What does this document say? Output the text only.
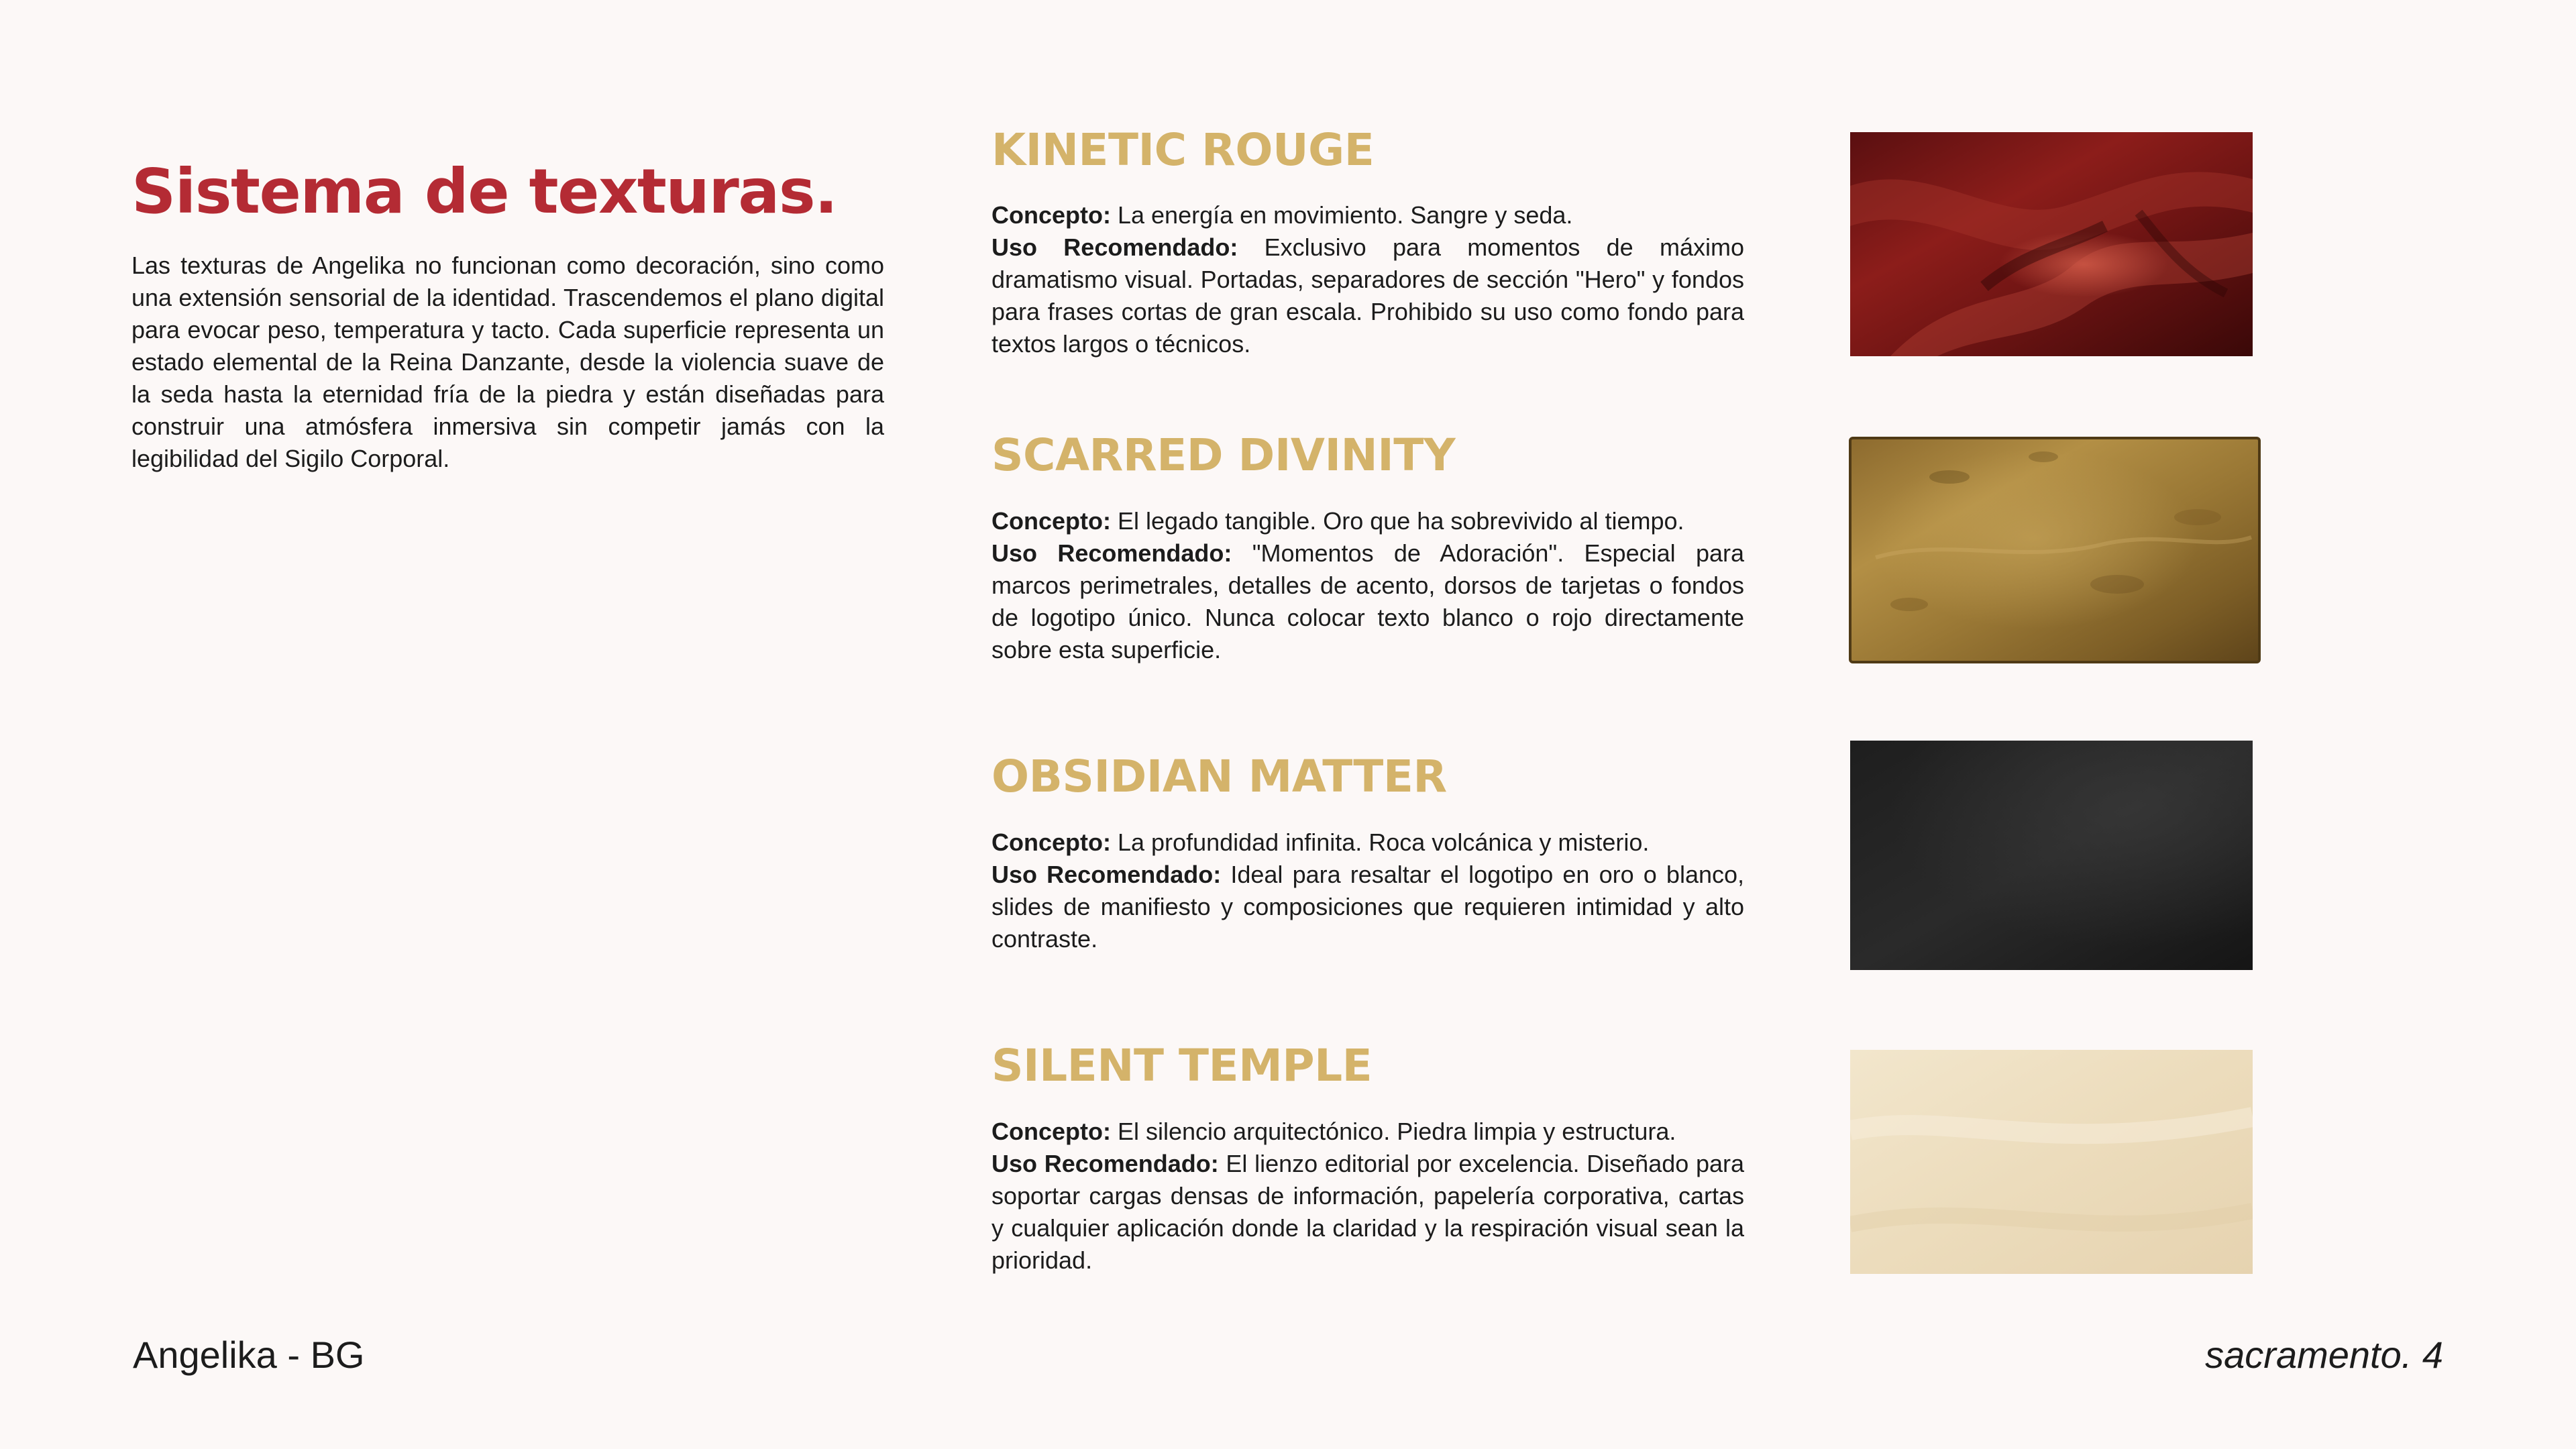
Sistema de texturas.
Las texturas de Angelika no funcionan como decoración, sino como una extensión sensorial de la identidad. Trascendemos el plano digital para evocar peso, temperatura y tacto. Cada superficie representa un estado elemental de la Reina Danzante, desde la violencia suave de la seda hasta la eternidad fría de la piedra y están diseñadas para construir una atmósfera inmersiva sin competir jamás con la legibilidad del Sigilo Corporal.
KINETIC ROUGE
Concepto: La energía en movimiento. Sangre y seda.
Uso Recomendado: Exclusivo para momentos de máximo dramatismo visual. Portadas, separadores de sección "Hero" y fondos para frases cortas de gran escala. Prohibido su uso como fondo para textos largos o técnicos.
SCARRED DIVINITY
Concepto: El legado tangible. Oro que ha sobrevivido al tiempo.
Uso Recomendado: "Momentos de Adoración". Especial para marcos perimetrales, detalles de acento, dorsos de tarjetas o fondos de logotipo único. Nunca colocar texto blanco o rojo directamente sobre esta superficie.
OBSIDIAN MATTER
Concepto: La profundidad infinita. Roca volcánica y misterio.
Uso Recomendado: Ideal para resaltar el logotipo en oro o blanco, slides de manifiesto y composiciones que requieren intimidad y alto contraste.
SILENT TEMPLE
Concepto: El silencio arquitectónico. Piedra limpia y estructura.
Uso Recomendado: El lienzo editorial por excelencia. Diseñado para soportar cargas densas de información, papelería corporativa, cartas y cualquier aplicación donde la claridad y la respiración visual sean la prioridad.
Angelika - BG	sacramento. 4
